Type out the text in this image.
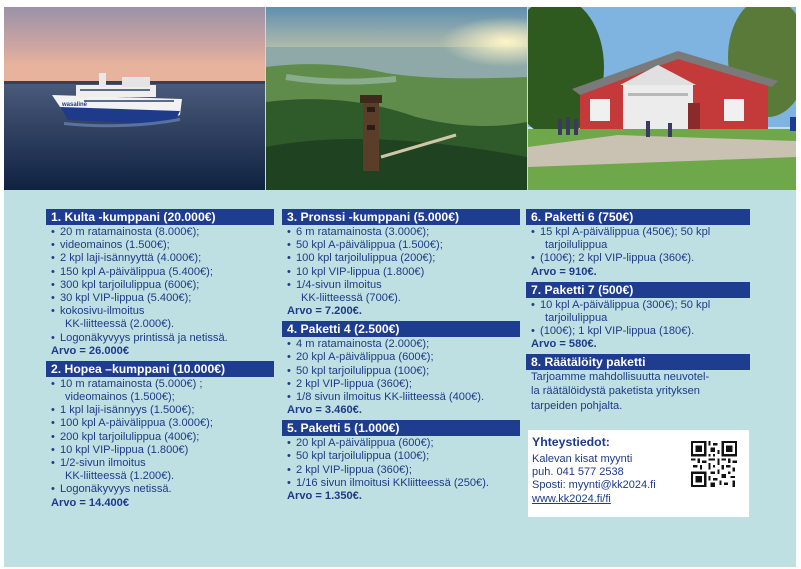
wasaline
1. Kulta -kumppani (20.000€)
• 20 m ratamainosta (8.000€);
• videomainos (1.500€);
• 2 kpl laji-isännyyttä (4.000€);
• 150 kpl A-päivälippua (5.400€);
• 300 kpl tarjoilulippua (600€);
• 30 kpl VIP-lippua (5.400€);
• kokosivu-ilmoitus
KK-liitteessä (2.000€).
• Logonäkyvyys printissä ja netissä.
Arvo = 26.000€
2. Hopea –kumppani (10.000€)
• 10 m ratamainosta (5.000€) ;
videomainos (1.500€);
• 1 kpl laji-isännyys (1.500€);
• 100 kpl A-päivälippua (3.000€);
• 200 kpl tarjoilulippua (400€);
• 10 kpl VIP-lippua (1.800€)
• 1/2-sivun ilmoitus
KK-liitteessä (1.200€).
• Logonäkyvyys netissä.
Arvo = 14.400€
3. Pronssi -kumppani (5.000€)
• 6 m ratamainosta (3.000€);
• 50 kpl A-päivälippua (1.500€);
• 100 kpl tarjoilulippua (200€);
• 10 kpl VIP-lippua (1.800€)
• 1/4-sivun ilmoitus
KK-liitteessä (700€).
Arvo = 7.200€.
4. Paketti 4 (2.500€)
• 4 m ratamainosta (2.000€);
• 20 kpl A-päivälippua (600€);
• 50 kpl tarjoilulippua (100€);
• 2 kpl VIP-lippua (360€);
• 1/8 sivun ilmoitus KK-liitteessä (400€).
Arvo = 3.460€.
5. Paketti 5 (1.000€)
• 20 kpl A-päivälippua (600€);
• 50 kpl tarjoilulippua (100€);
• 2 kpl VIP-lippua (360€);
• 1/16 sivun ilmoitusi KKliitteessä (250€).
Arvo = 1.350€.
6. Paketti 6 (750€)
• 15 kpl A-päivälippua (450€); 50 kpl
tarjoilulippua
• (100€); 2 kpl VIP-lippua (360€).
Arvo = 910€.
7. Paketti 7 (500€)
• 10 kpl A-päivälippua (300€); 50 kpl
tarjoilulippua
• (100€); 1 kpl VIP-lippua (180€).
Arvo = 580€.
8. Räätälöity paketti
Tarjoamme mahdollisuutta neuvotel-
la räätälöidystä paketista yrityksen
tarpeiden pohjalta.
Yhteystiedot:
Kalevan kisat myynti
puh. 041 577 2538
Sposti: myynti@kk2024.fi
www.kk2024.fi/fi
